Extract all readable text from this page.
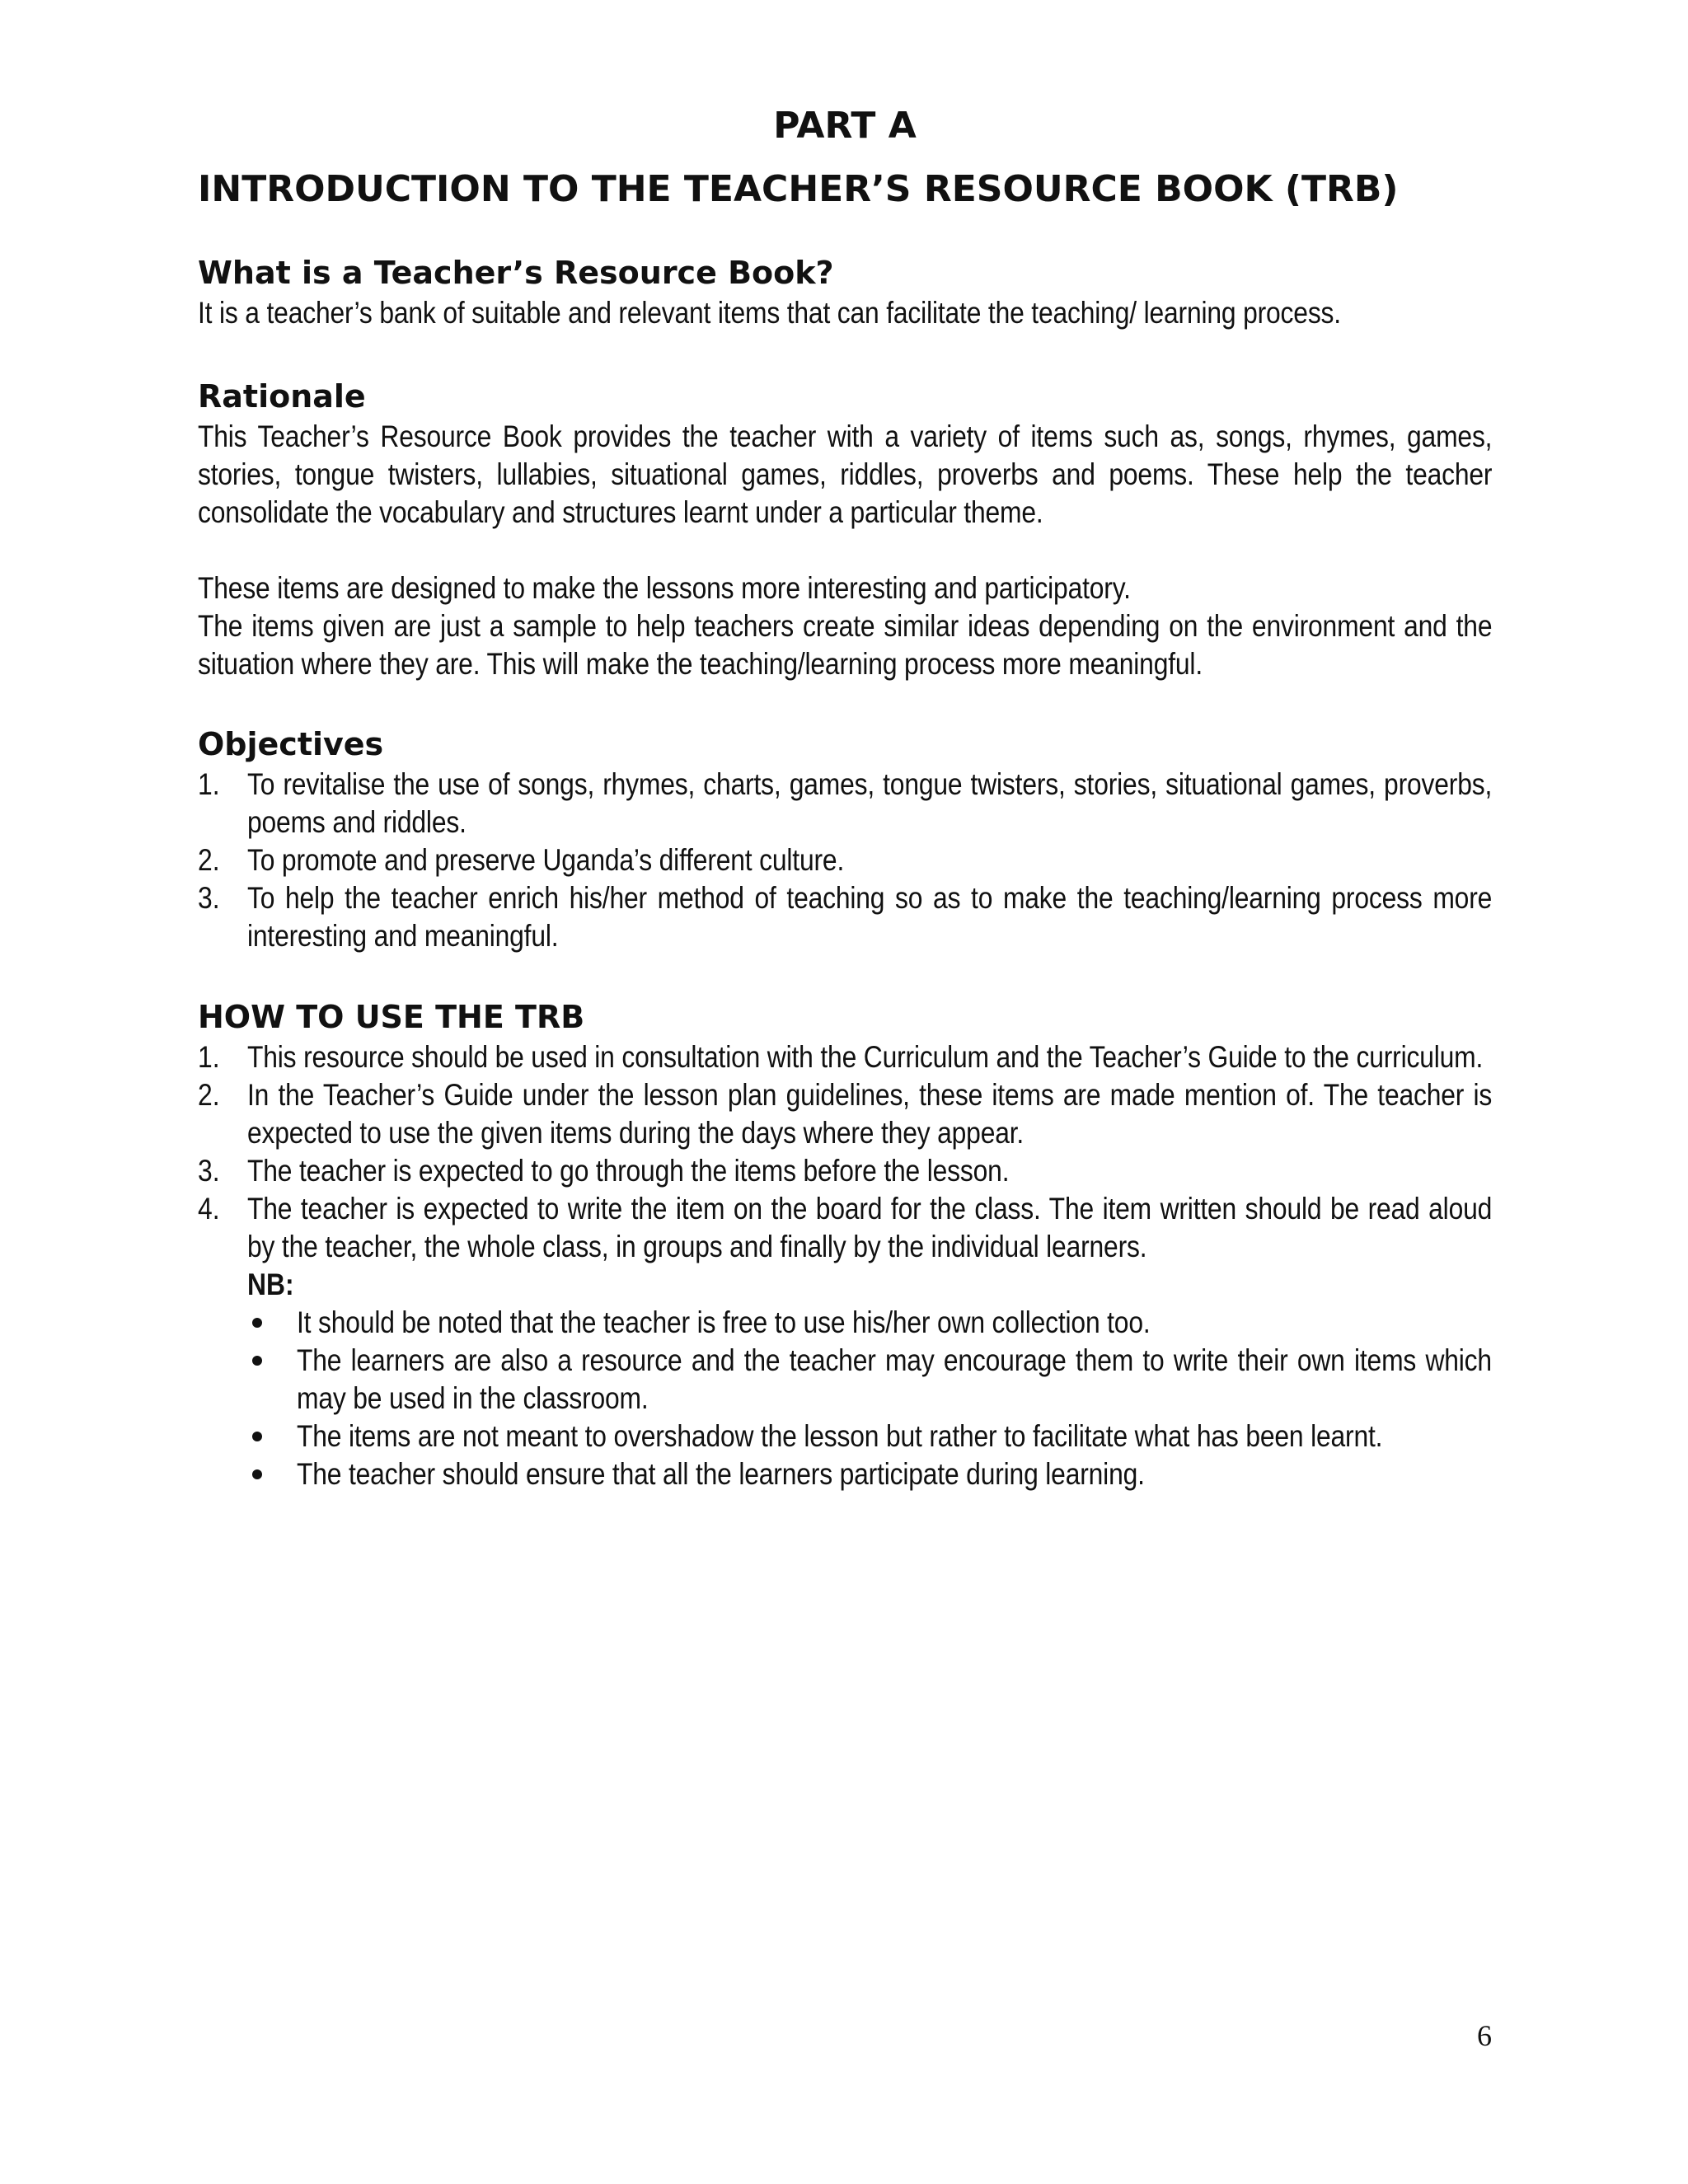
PART A
INTRODUCTION TO THE TEACHER’S RESOURCE BOOK (TRB)
What is a Teacher’s Resource Book?

It is a teacher’s bank of suitable and relevant items that can facilitate the teaching/ learning process.

Rationale

This Teacher’s Resource Book provides the teacher with a variety of items such as, songs, rhymes, games, stories, tongue twisters, lullabies, situational games, riddles, proverbs and poems. These help the teacher consolidate the vocabulary and structures learnt under a particular theme.

These items are designed to make the lessons more interesting and participatory.

The items given are just a sample to help teachers create similar ideas depending on the environment and the situation where they are. This will make the teaching/learning process more meaningful.

Objectives
1. To revitalise the use of songs, rhymes, charts, games, tongue twisters, stories, situational games, proverbs, poems and riddles.

2. To promote and preserve Uganda’s different culture.

3. To help the teacher enrich his/her method of teaching so as to make the teaching/learning process more interesting and meaningful.

HOW TO USE THE TRB
1. This resource should be used in consultation with the Curriculum and the Teacher’s Guide to the curriculum.

2. In the Teacher’s Guide under the lesson plan guidelines, these items are made mention of. The teacher is expected to use the given items during the days where they appear.

3. The teacher is expected to go through the items before the lesson.

4. The teacher is expected to write the item on the board for the class. The item written should be read aloud by the teacher, the whole class, in groups and finally by the individual learners.

NB:

It should be noted that the teacher is free to use his/her own collection too.

The learners are also a resource and the teacher may encourage them to write their own items which may be used in the classroom.

The items are not meant to overshadow the lesson but rather to facilitate what has been learnt.

The teacher should ensure that all the learners participate during learning.

6
